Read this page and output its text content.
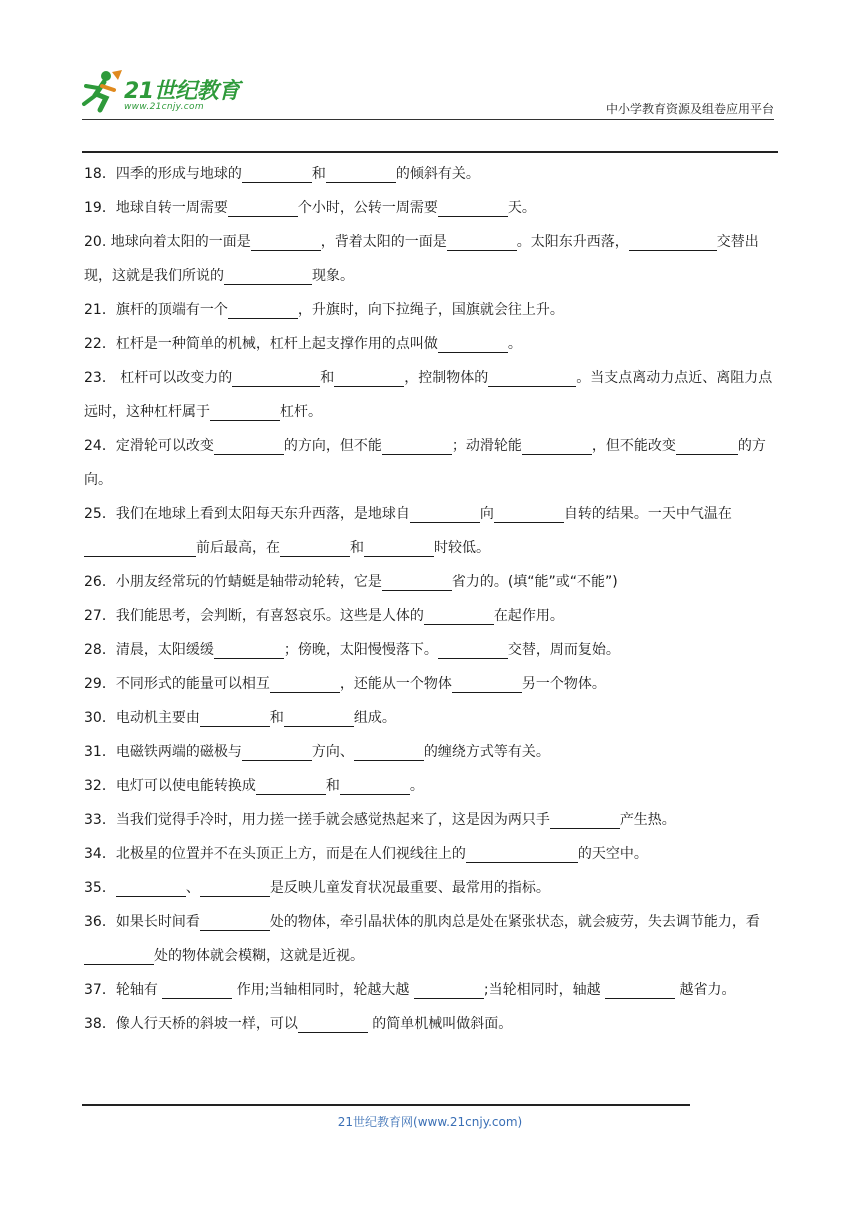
21世纪教育
www.21cnjy.com	中小学教育资源及组卷应用平台

18．四季的形成与地球的	和	的倾斜有关。

19．地球自转一周需要	个小时，公转一周需要	天。

20. 地球向着太阳的一面是	，背着太阳的一面是	。太阳东升西落，	交替出现，这就是我们所说的	现象。

21．旗杆的顶端有一个	，升旗时，向下拉绳子，国旗就会往上升。

22．杠杆是一种简单的机械，杠杆上起支撑作用的点叫做	。

23． 杠杆可以改变力的	和	，控制物体的	。当支点离动力点近、离阻力点远时，这种杠杆属于	杠杆。

24．定滑轮可以改变	的方向，但不能	；动滑轮能	，但不能改变	的方向。

25．我们在地球上看到太阳每天东升西落，是地球自	向	自转的结果。一天中气温在前后最高，在	和	时较低。

26．小朋友经常玩的竹蜻蜓是轴带动轮转，它是	省力的。(填“能”或“不能”)

27．我们能思考，会判断，有喜怒哀乐。这些是人体的	在起作用。

28．清晨，太阳缓缓	；傍晚，太阳慢慢落下。	交替，周而复始。

29．不同形式的能量可以相互	，还能从一个物体	另一个物体。

30．电动机主要由	和	组成。

31．电磁铁两端的磁极与	方向、	的缠绕方式等有关。

32．电灯可以使电能转换成	和	。

33．当我们觉得手冷时，用力搓一搓手就会感觉热起来了，这是因为两只手	产生热。

34．北极星的位置并不在头顶正上方，而是在人们视线往上的	的天空中。

35．	、	是反映儿童发育状况最重要、最常用的指标。

36．如果长时间看	处的物体，牵引晶状体的肌肉总是处在紧张状态，就会疲劳，失去调节能力，看处的物体就会模糊，这就是近视。

37．轮轴有	作用;当轴相同时，轮越大越	;当轮相同时，轴越	越省力。

38．像人行天桥的斜坡一样，可以	的简单机械叫做斜面。

21世纪教育网(www.21cnjy.com)
